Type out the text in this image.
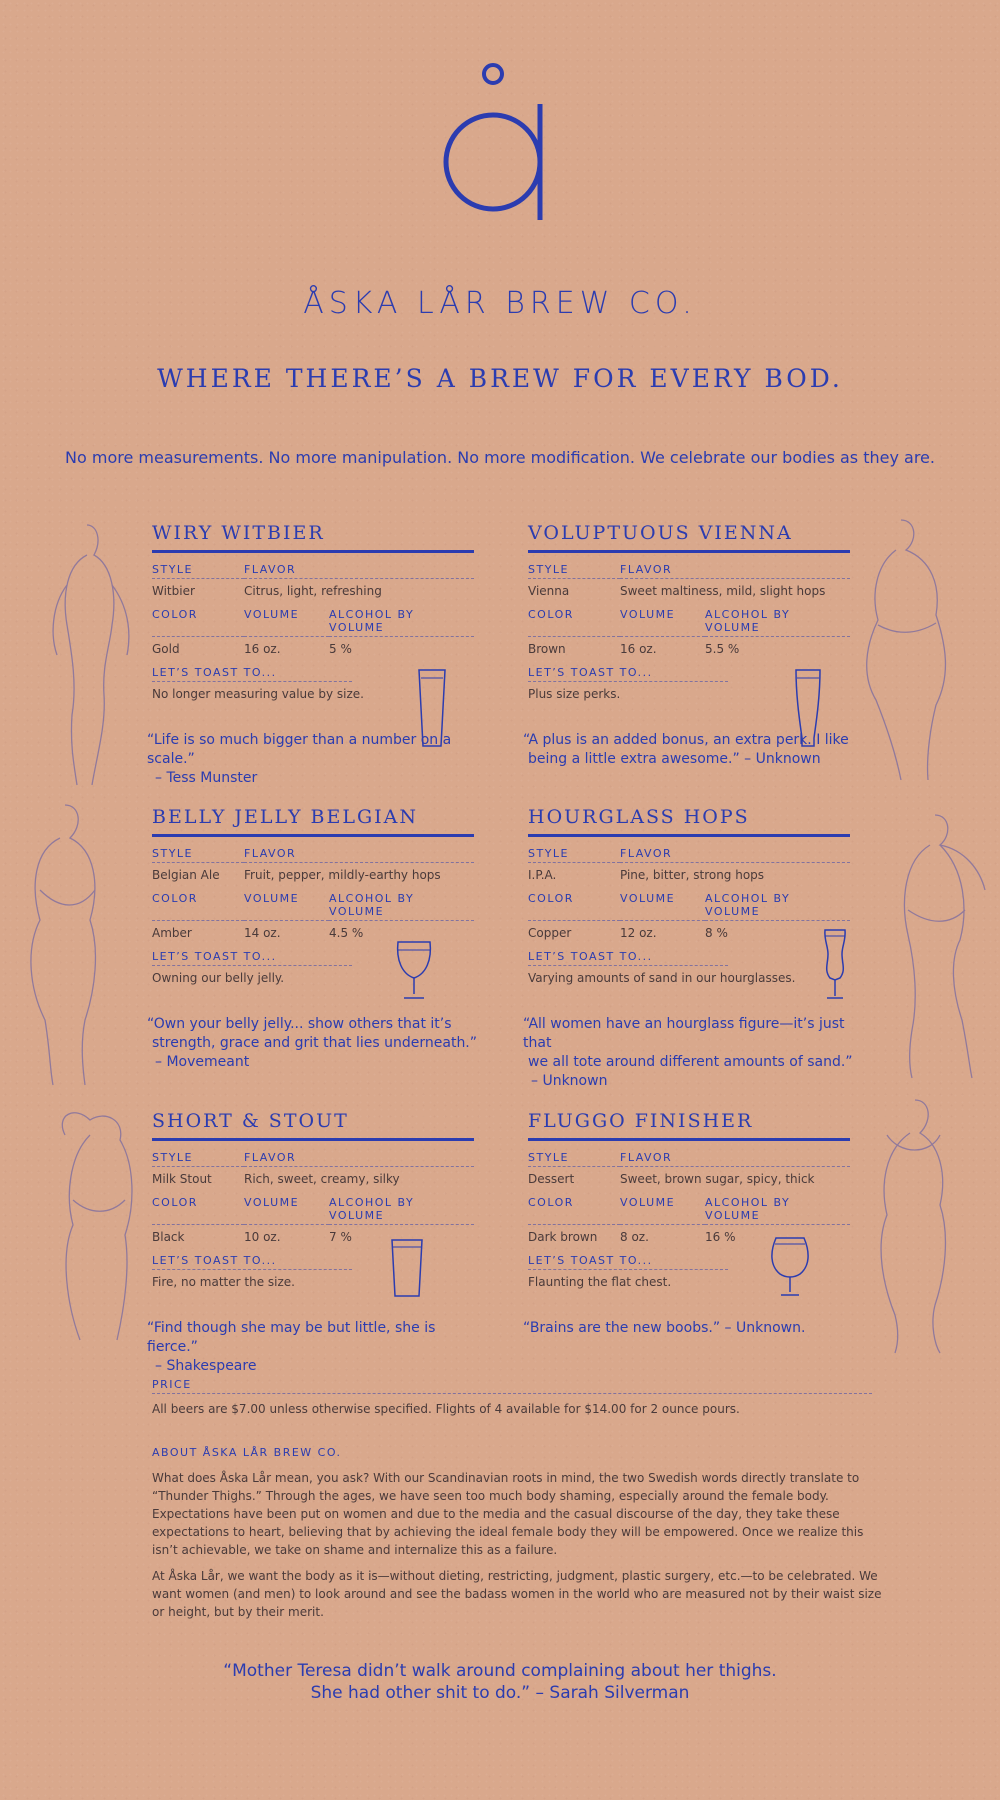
ÅSKA LÅR BREW CO.
WHERE THERE’S A BREW FOR EVERY BOD.
No more measurements. No more manipulation. No more modification. We celebrate our bodies as they are.
WIRY WITBIER
STYLE	FLAVOR
Witbier	Citrus, light, refreshing
COLOR	VOLUME	ALCOHOL BY VOLUME
Gold	16 oz.	5 %
LET’S TOAST TO...
No longer measuring value by size.
“Life is so much bigger than a number on a scale.”
– Tess Munster
VOLUPTUOUS VIENNA
STYLE	FLAVOR
Vienna	Sweet maltiness, mild, slight hops
COLOR	VOLUME	ALCOHOL BY VOLUME
Brown	16 oz.	5.5 %
LET’S TOAST TO...
Plus size perks.
“A plus is an added bonus, an extra perk. I like
being a little extra awesome.” – Unknown
BELLY JELLY BELGIAN
STYLE	FLAVOR
Belgian Ale	Fruit, pepper, mildly-earthy hops
COLOR	VOLUME	ALCOHOL BY VOLUME
Amber	14 oz.	4.5 %
LET’S TOAST TO...
Owning our belly jelly.
“Own your belly jelly... show others that it’s
strength, grace and grit that lies underneath.”
– Movemeant
HOURGLASS HOPS
STYLE	FLAVOR
I.P.A.	Pine, bitter, strong hops
COLOR	VOLUME	ALCOHOL BY VOLUME
Copper	12 oz.	8 %
LET’S TOAST TO...
Varying amounts of sand in our hourglasses.
“All women have an hourglass figure—it’s just that
we all tote around different amounts of sand.”
– Unknown
SHORT & STOUT
STYLE	FLAVOR
Milk Stout	Rich, sweet, creamy, silky
COLOR	VOLUME	ALCOHOL BY VOLUME
Black	10 oz.	7 %
LET’S TOAST TO...
Fire, no matter the size.
“Find though she may be but little, she is fierce.”
– Shakespeare
FLUGGO FINISHER
STYLE	FLAVOR
Dessert	Sweet, brown sugar, spicy, thick
COLOR	VOLUME	ALCOHOL BY VOLUME
Dark brown	8 oz.	16 %
LET’S TOAST TO...
Flaunting the flat chest.
“Brains are the new boobs.” – Unknown.
PRICE
All beers are $7.00 unless otherwise specified. Flights of 4 available for $14.00 for 2 ounce pours.
ABOUT ÅSKA LÅR BREW CO.

What does Åska Lår mean, you ask? With our Scandinavian roots in mind, the two Swedish words directly translate to “Thunder Thighs.” Through the ages, we have seen too much body shaming, especially around the female body. Expectations have been put on women and due to the media and the casual discourse of the day, they take these expectations to heart, believing that by achieving the ideal female body they will be empowered. Once we realize this isn’t achievable, we take on shame and internalize this as a failure.

At Åska Lår, we want the body as it is—without dieting, restricting, judgment, plastic surgery, etc.—to be celebrated. We want women (and men) to look around and see the badass women in the world who are measured not by their waist size or height, but by their merit.

“Mother Teresa didn’t walk around complaining about her thighs.
She had other shit to do.” – Sarah Silverman
